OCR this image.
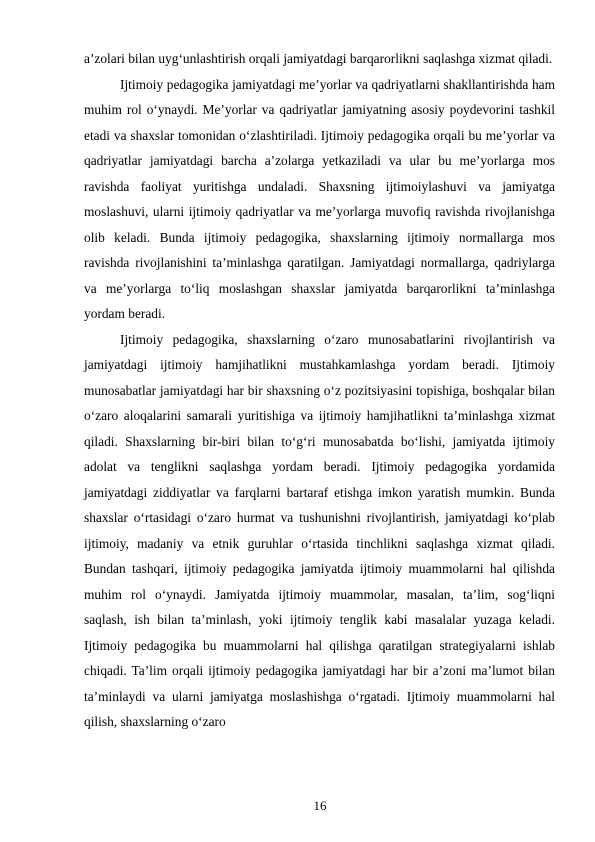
a’zolari bilan uyg‘unlashtirish orqali jamiyatdagi barqarorlikni saqlashga xizmat qiladi.

Ijtimoiy pedagogika jamiyatdagi me’yorlar va qadriyatlarni shakllantirishda ham muhim rol o‘ynaydi. Me’yorlar va qadriyatlar jamiyatning asosiy poydevorini tashkil etadi va shaxslar tomonidan o‘zlashtiriladi. Ijtimoiy pedagogika orqali bu me’yorlar va qadriyatlar jamiyatdagi barcha a’zolarga yetkaziladi va ular bu me’yorlarga mos ravishda faoliyat yuritishga undaladi. Shaxsning ijtimoiylashuvi va jamiyatga moslashuvi, ularni ijtimoiy qadriyatlar va me’yorlarga muvofiq ravishda rivojlanishga olib keladi. Bunda ijtimoiy pedagogika, shaxslarning ijtimoiy normallarga mos ravishda rivojlanishini ta’minlashga qaratilgan. Jamiyatdagi normallarga, qadriylarga va me’yorlarga to‘liq moslashgan shaxslar jamiyatda barqarorlikni ta’minlashga yordam beradi.

Ijtimoiy pedagogika, shaxslarning o‘zaro munosabatlarini rivojlantirish va jamiyatdagi ijtimoiy hamjihatlikni mustahkamlashga yordam beradi. Ijtimoiy munosabatlar jamiyatdagi har bir shaxsning o‘z pozitsiyasini topishiga, boshqalar bilan o‘zaro aloqalarini samarali yuritishiga va ijtimoiy hamjihatlikni ta’minlashga xizmat qiladi. Shaxslarning bir-biri bilan to‘g‘ri munosabatda bo‘lishi, jamiyatda ijtimoiy adolat va tenglikni saqlashga yordam beradi. Ijtimoiy pedagogika yordamida jamiyatdagi ziddiyatlar va farqlarni bartaraf etishga imkon yaratish mumkin. Bunda shaxslar o‘rtasidagi o‘zaro hurmat va tushunishni rivojlantirish, jamiyatdagi ko‘plab ijtimoiy, madaniy va etnik guruhlar o‘rtasida tinchlikni saqlashga xizmat qiladi. Bundan tashqari, ijtimoiy pedagogika jamiyatda ijtimoiy muammolarni hal qilishda muhim rol o‘ynaydi. Jamiyatda ijtimoiy muammolar, masalan, ta’lim, sog‘liqni saqlash, ish bilan ta’minlash, yoki ijtimoiy tenglik kabi masalalar yuzaga keladi. Ijtimoiy pedagogika bu muammolarni hal qilishga qaratilgan strategiyalarni ishlab chiqadi. Ta’lim orqali ijtimoiy pedagogika jamiyatdagi har bir a’zoni ma’lumot bilan ta’minlaydi va ularni jamiyatga moslashishga o‘rgatadi. Ijtimoiy muammolarni hal qilish, shaxslarning o‘zaro

16
